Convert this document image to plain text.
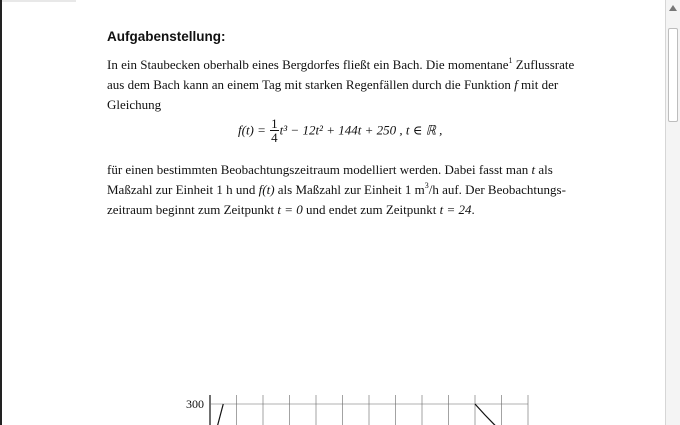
Aufgabenstellung:
In ein Staubecken oberhalb eines Bergdorfes fließt ein Bach. Die momentane$^1$ Zuflussrate aus dem Bach kann an einem Tag mit starken Regenfällen durch die Funktion f mit der Gleichung
$f(t) = \frac{1}{4} t^3 - 12t^2 + 144t + 250$ , t ∈ ℝ ,
für einen bestimmten Beobachtungszeitraum modelliert werden. Dabei fasst man t als Maßzahl zur Einheit 1 h und f(t) als Maßzahl zur Einheit 1 $m^3/h$ auf. Der Beobachtungszeitraum beginnt zum Zeitpunkt t = 0 und endet zum Zeitpunkt t = 24.
300
